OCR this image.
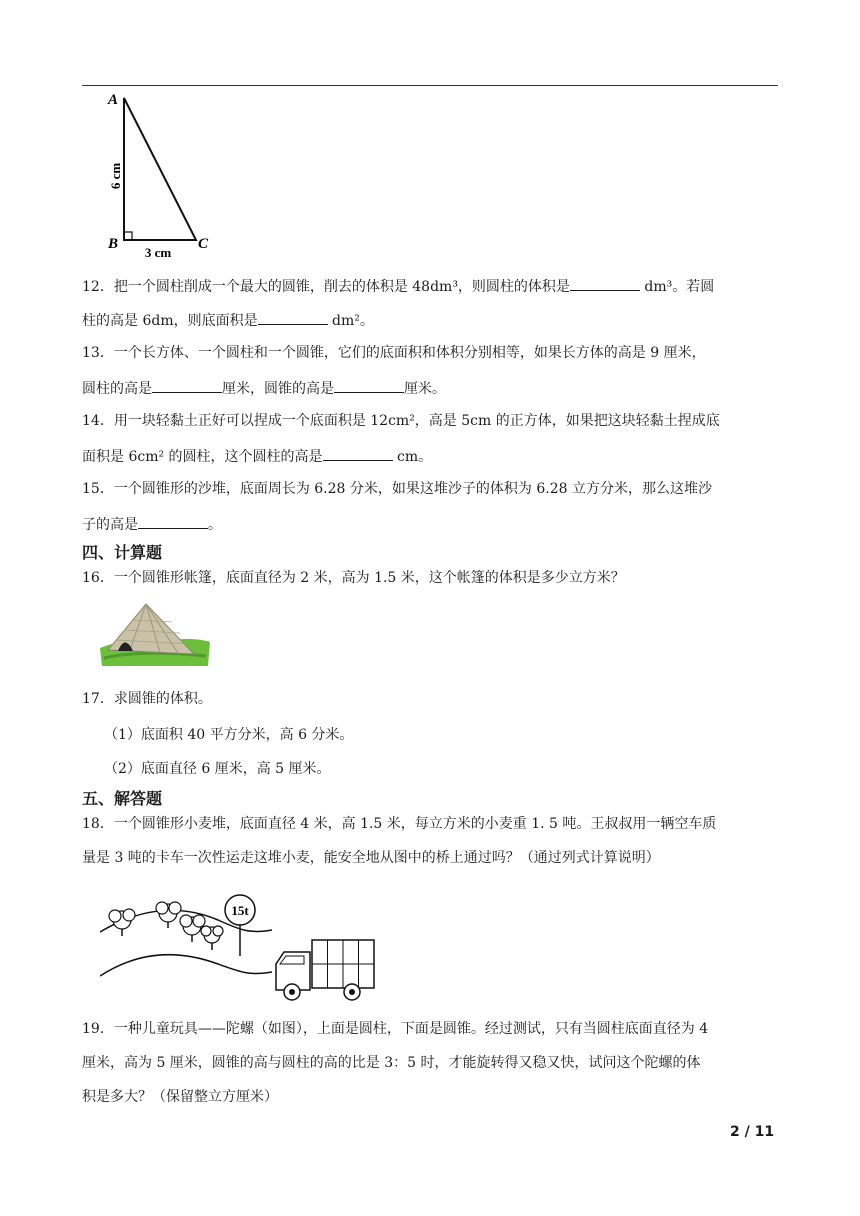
A
B	C
6 cm
3 cm
12．把一个圆柱削成一个最大的圆锥，削去的体积是 48dm³，则圆柱的体积是	dm³。若圆
柱的高是 6dm，则底面积是	dm²。
13．一个长方体、一个圆柱和一个圆锥，它们的底面积和体积分别相等，如果长方体的高是 9 厘米，
圆柱的高是	厘米，圆锥的高是	厘米。
14．用一块轻黏土正好可以捏成一个底面积是 12cm²，高是 5cm 的正方体，如果把这块轻黏土捏成底
面积是 6cm² 的圆柱，这个圆柱的高是	cm。
15．一个圆锥形的沙堆，底面周长为 6.28 分米，如果这堆沙子的体积为 6.28 立方分米，那么这堆沙
子的高是	。
四、计算题
16．一个圆锥形帐篷，底面直径为 2 米，高为 1.5 米，这个帐篷的体积是多少立方米？
17．求圆锥的体积。
（1）底面积 40 平方分米，高 6 分米。
（2）底面直径 6 厘米，高 5 厘米。
五、解答题
18．一个圆锥形小麦堆，底面直径 4 米，高 1.5 米，每立方米的小麦重 1. 5 吨。王叔叔用一辆空车质
量是 3 吨的卡车一次性运走这堆小麦，能安全地从图中的桥上通过吗？（通过列式计算说明）
15t
19．一种儿童玩具——陀螺（如图），上面是圆柱，下面是圆锥。经过测试，只有当圆柱底面直径为 4
厘米，高为 5 厘米，圆锥的高与圆柱的高的比是 3：5 时，才能旋转得又稳又快，试问这个陀螺的体
积是多大？（保留整立方厘米）
2 / 11
